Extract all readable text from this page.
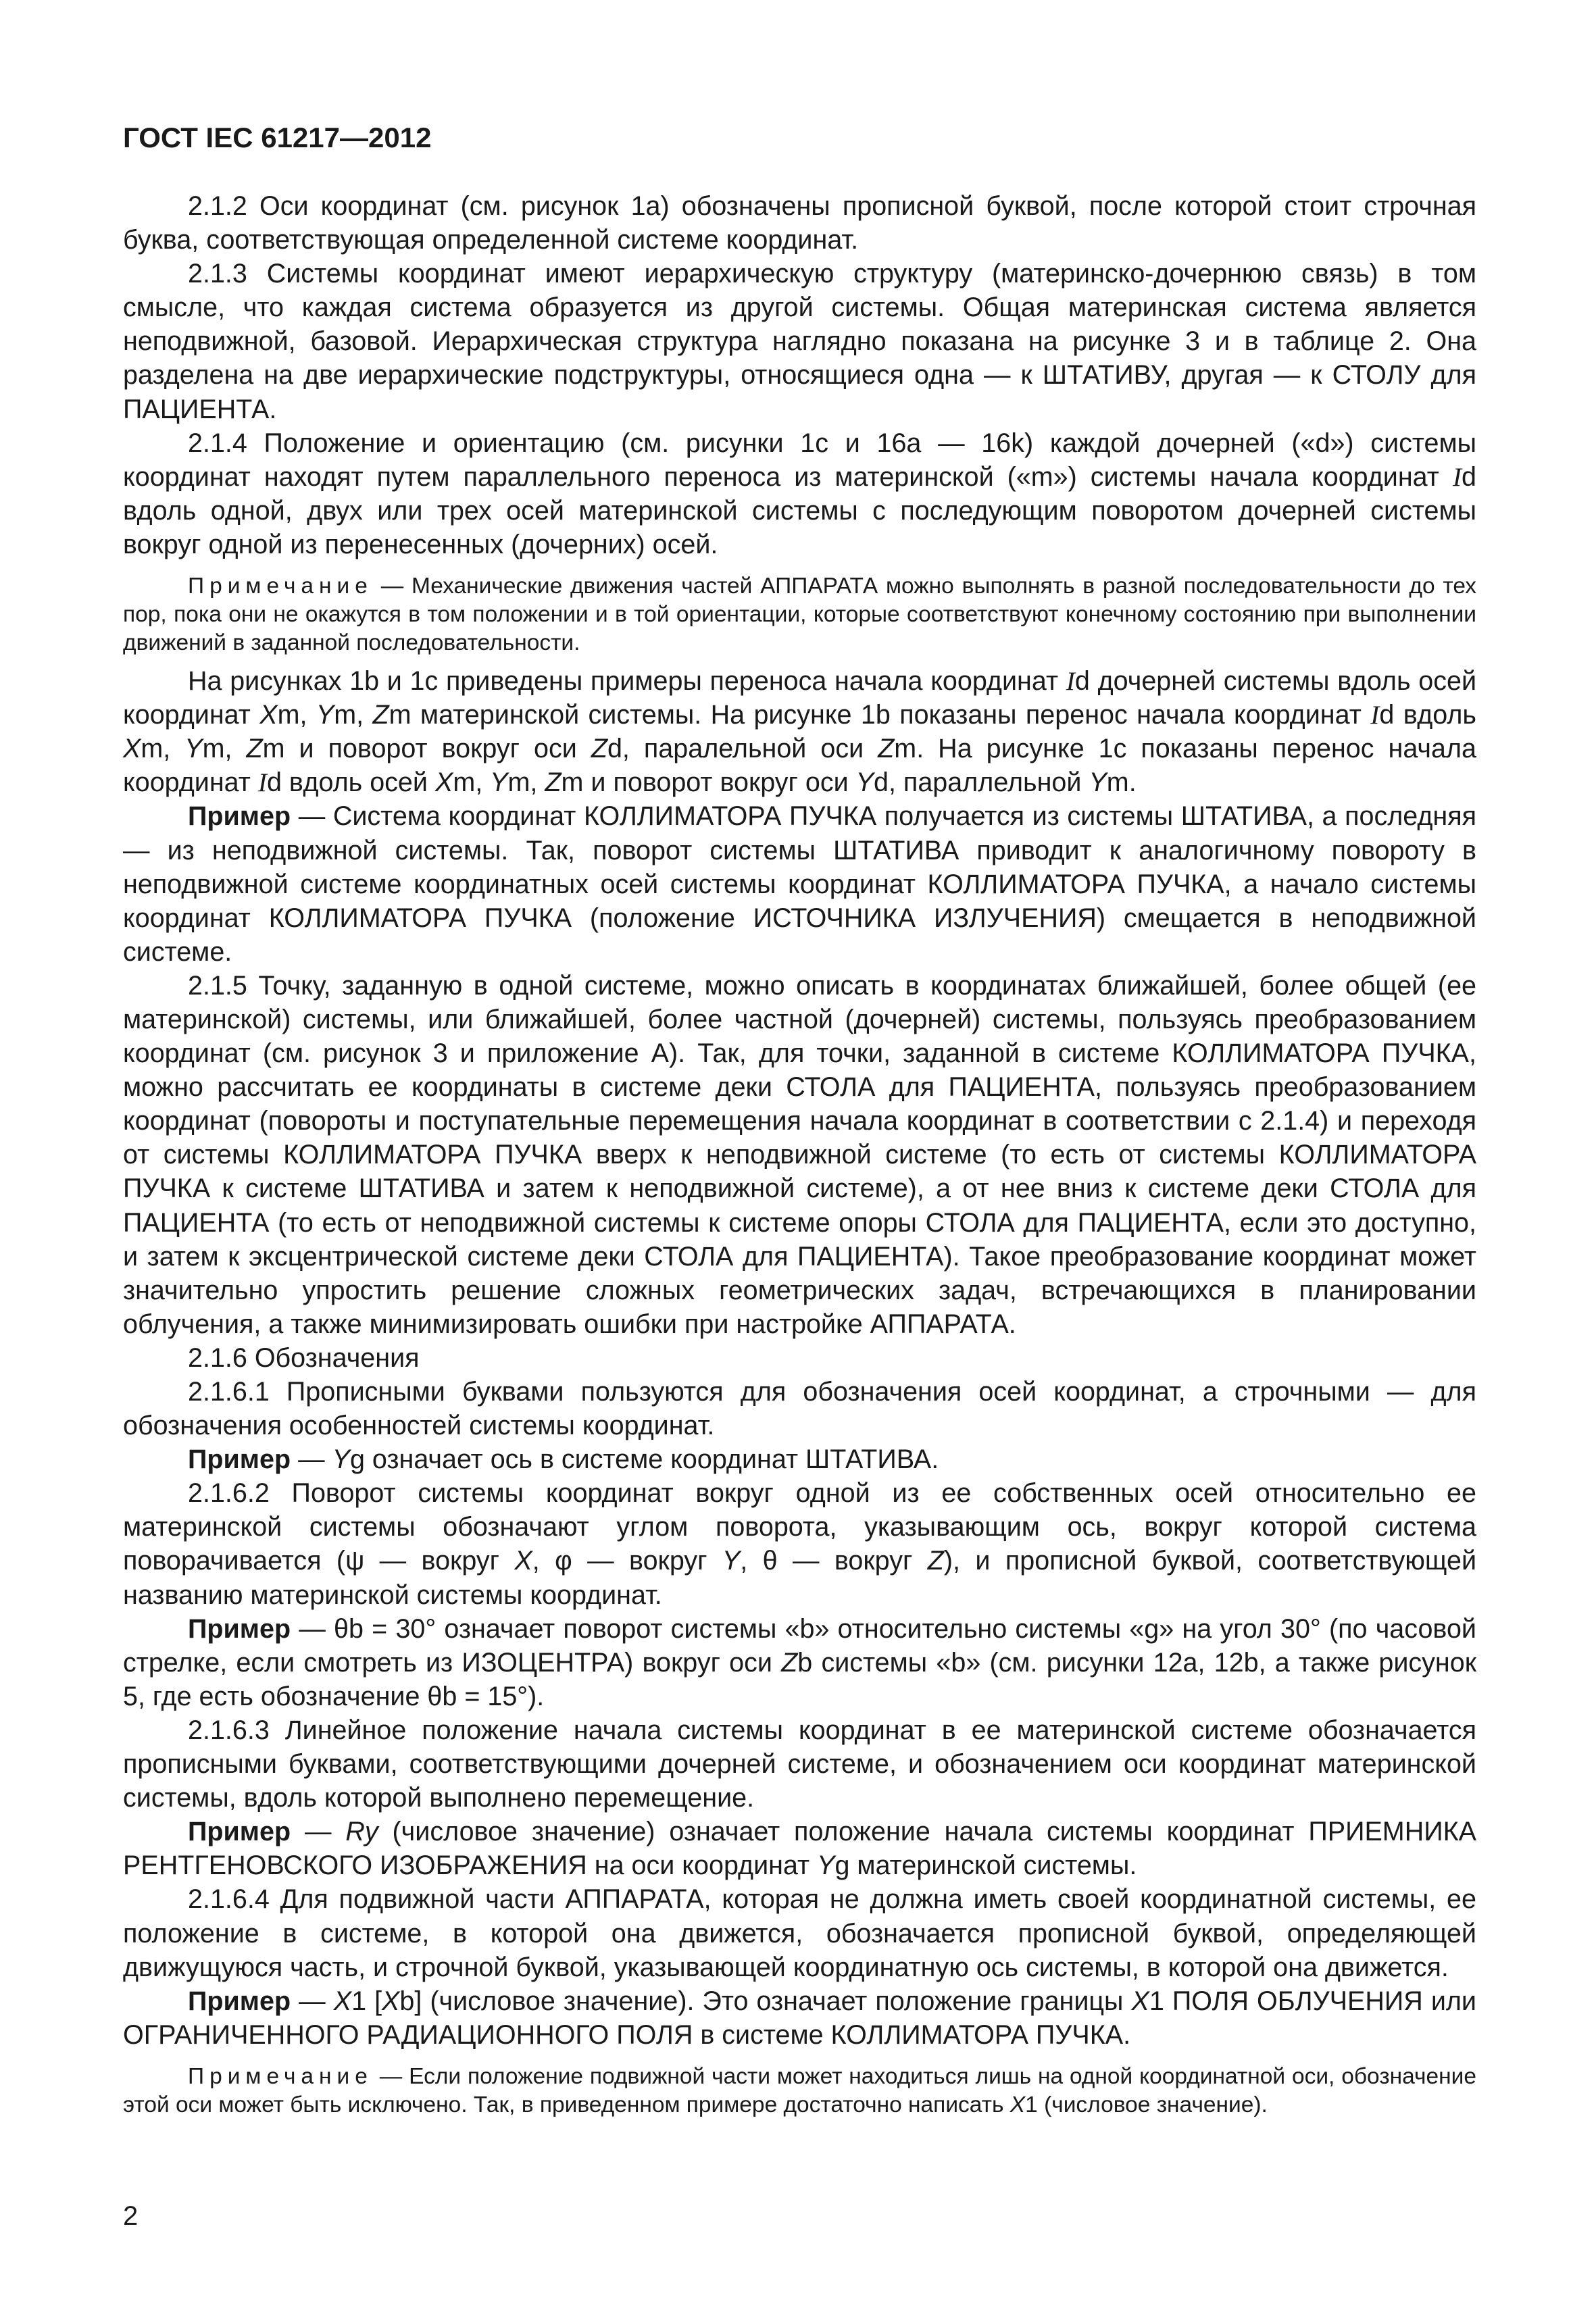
ГОСТ IEC 61217—2012

2.1.2 Оси координат (см. рисунок 1а) обозначены прописной буквой, после которой стоит строчная буква, соответствующая определенной системе координат.

2.1.3 Системы координат имеют иерархическую структуру (материнско-дочернюю связь) в том смысле, что каждая система образуется из другой системы. Общая материнская система является неподвижной, базовой. Иерархическая структура наглядно показана на рисунке 3 и в таблице 2. Она разделена на две иерархические подструктуры, относящиеся одна — к ШТАТИВУ, другая — к СТОЛУ для ПАЦИЕНТА.

2.1.4 Положение и ориентацию (см. рисунки 1с и 16а — 16k) каждой дочерней («d») системы координат находят путем параллельного переноса из материнской («m») системы начала координат Id вдоль одной, двух или трех осей материнской системы с последующим поворотом дочерней системы вокруг одной из перенесенных (дочерних) осей.

Примечание — Механические движения частей АППАРАТА можно выполнять в разной последовательности до тех пор, пока они не окажутся в том положении и в той ориентации, которые соответствуют конечному состоянию при выполнении движений в заданной последовательности.

На рисунках 1b и 1c приведены примеры переноса начала координат Id дочерней системы вдоль осей координат Xm, Ym, Zm материнской системы. На рисунке 1b показаны перенос начала координат Id вдоль Xm, Ym, Zm и поворот вокруг оси Zd, паралельной оси Zm. На рисунке 1с показаны перенос начала координат Id вдоль осей Xm, Ym, Zm и поворот вокруг оси Yd, параллельной Ym.

Пример — Система координат КОЛЛИМАТОРА ПУЧКА получается из системы ШТАТИВА, а последняя — из неподвижной системы. Так, поворот системы ШТАТИВА приводит к аналогичному повороту в неподвижной системе координатных осей системы координат КОЛЛИМАТОРА ПУЧКА, а начало системы координат КОЛЛИМАТОРА ПУЧКА (положение ИСТОЧНИКА ИЗЛУЧЕНИЯ) смещается в неподвижной системе.

2.1.5 Точку, заданную в одной системе, можно описать в координатах ближайшей, более общей (ее материнской) системы, или ближайшей, более частной (дочерней) системы, пользуясь преобразованием координат (см. рисунок 3 и приложение А). Так, для точки, заданной в системе КОЛЛИМАТОРА ПУЧКА, можно рассчитать ее координаты в системе деки СТОЛА для ПАЦИЕНТА, пользуясь преобразованием координат (повороты и поступательные перемещения начала координат в соответствии с 2.1.4) и переходя от системы КОЛЛИМАТОРА ПУЧКА вверх к неподвижной системе (то есть от системы КОЛЛИМАТОРА ПУЧКА к системе ШТАТИВА и затем к неподвижной системе), а от нее вниз к системе деки СТОЛА для ПАЦИЕНТА (то есть от неподвижной системы к системе опоры СТОЛА для ПАЦИЕНТА, если это доступно, и затем к эксцентрической системе деки СТОЛА для ПАЦИЕНТА). Такое преобразование координат может значительно упростить решение сложных геометрических задач, встречающихся в планировании облучения, а также минимизировать ошибки при настройке АППАРАТА.

2.1.6 Обозначения

2.1.6.1 Прописными буквами пользуются для обозначения осей координат, а строчными — для обозначения особенностей системы координат.

Пример — Yg означает ось в системе координат ШТАТИВА.

2.1.6.2 Поворот системы координат вокруг одной из ее собственных осей относительно ее материнской системы обозначают углом поворота, указывающим ось, вокруг которой система поворачивается (ψ — вокруг X, φ — вокруг Y, θ — вокруг Z), и прописной буквой, соответствующей названию материнской системы координат.

Пример — θb = 30° означает поворот системы «b» относительно системы «g» на угол 30° (по часовой стрелке, если смотреть из ИЗОЦЕНТРА) вокруг оси Zb системы «b» (см. рисунки 12а, 12b, а также рисунок 5, где есть обозначение θb = 15°).

2.1.6.3 Линейное положение начала системы координат в ее материнской системе обозначается прописными буквами, соответствующими дочерней системе, и обозначением оси координат материнской системы, вдоль которой выполнено перемещение.

Пример — Ry (числовое значение) означает положение начала системы координат ПРИЕМНИКА РЕНТГЕНОВСКОГО ИЗОБРАЖЕНИЯ на оси координат Yg материнской системы.

2.1.6.4 Для подвижной части АППАРАТА, которая не должна иметь своей координатной системы, ее положение в системе, в которой она движется, обозначается прописной буквой, определяющей движущуюся часть, и строчной буквой, указывающей координатную ось системы, в которой она движется.

Пример — X1 [Xb] (числовое значение). Это означает положение границы X1 ПОЛЯ ОБЛУЧЕНИЯ или ОГРАНИЧЕННОГО РАДИАЦИОННОГО ПОЛЯ в системе КОЛЛИМАТОРА ПУЧКА.

Примечание — Если положение подвижной части может находиться лишь на одной координатной оси, обозначение этой оси может быть исключено. Так, в приведенном примере достаточно написать X1 (числовое значение).

2
